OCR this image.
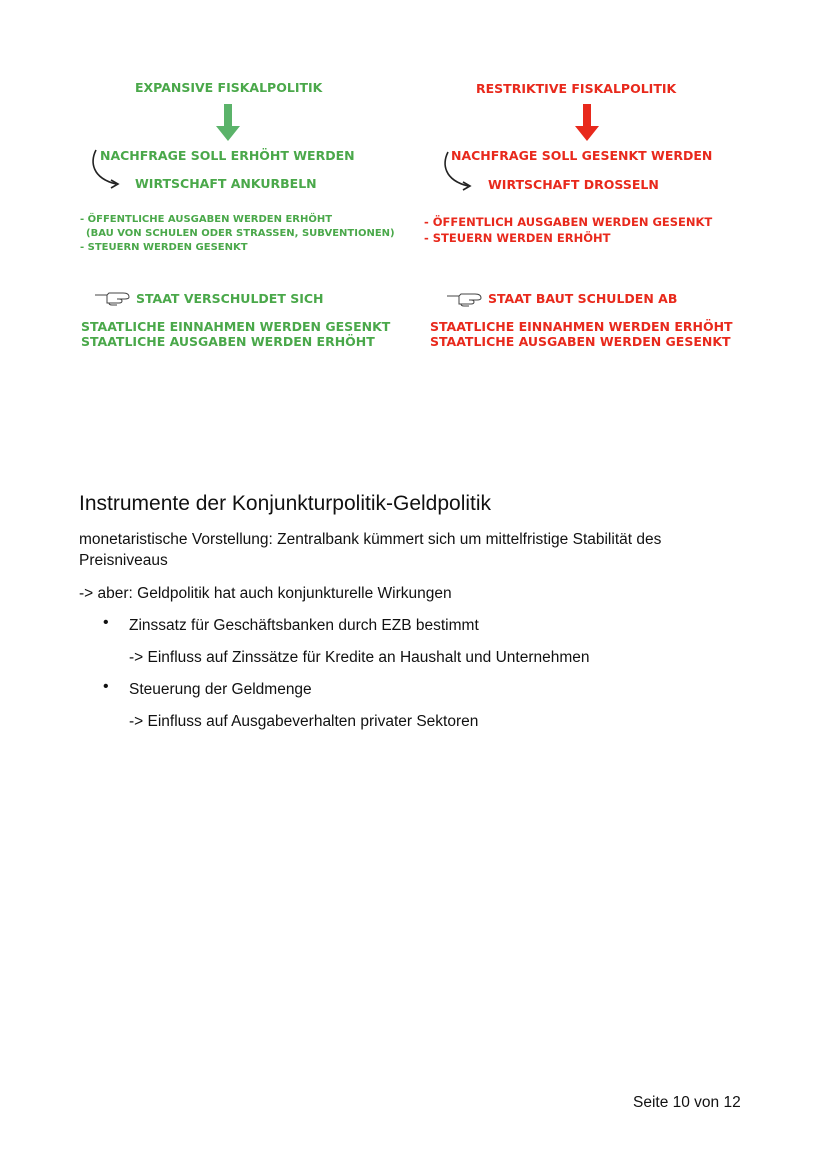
EXPANSIVE FISKALPOLITIK
NACHFRAGE SOLL ERHÖHT WERDEN
WIRTSCHAFT ANKURBELN
- ÖFFENTLICHE AUSGABEN WERDEN ERHÖHT
(BAU VON SCHULEN ODER STRASSEN, SUBVENTIONEN)
- STEUERN WERDEN GESENKT
STAAT VERSCHULDET SICH
STAATLICHE EINNAHMEN WERDEN GESENKT
STAATLICHE AUSGABEN WERDEN ERHÖHT
RESTRIKTIVE FISKALPOLITIK
NACHFRAGE SOLL GESENKT WERDEN
WIRTSCHAFT DROSSELN
- ÖFFENTLICH AUSGABEN WERDEN GESENKT
- STEUERN WERDEN ERHÖHT
STAAT BAUT SCHULDEN AB
STAATLICHE EINNAHMEN WERDEN ERHÖHT
STAATLICHE AUSGABEN WERDEN GESENKT
Instrumente der Konjunkturpolitik-Geldpolitik
monetaristische Vorstellung: Zentralbank kümmert sich um mittelfristige Stabilität des
Preisniveaus
-> aber: Geldpolitik hat auch konjunkturelle Wirkungen
• Zinssatz für Geschäftsbanken durch EZB bestimmt
-> Einfluss auf Zinssätze für Kredite an Haushalt und Unternehmen
• Steuerung der Geldmenge
-> Einfluss auf Ausgabeverhalten privater Sektoren
Seite 10 von 12
